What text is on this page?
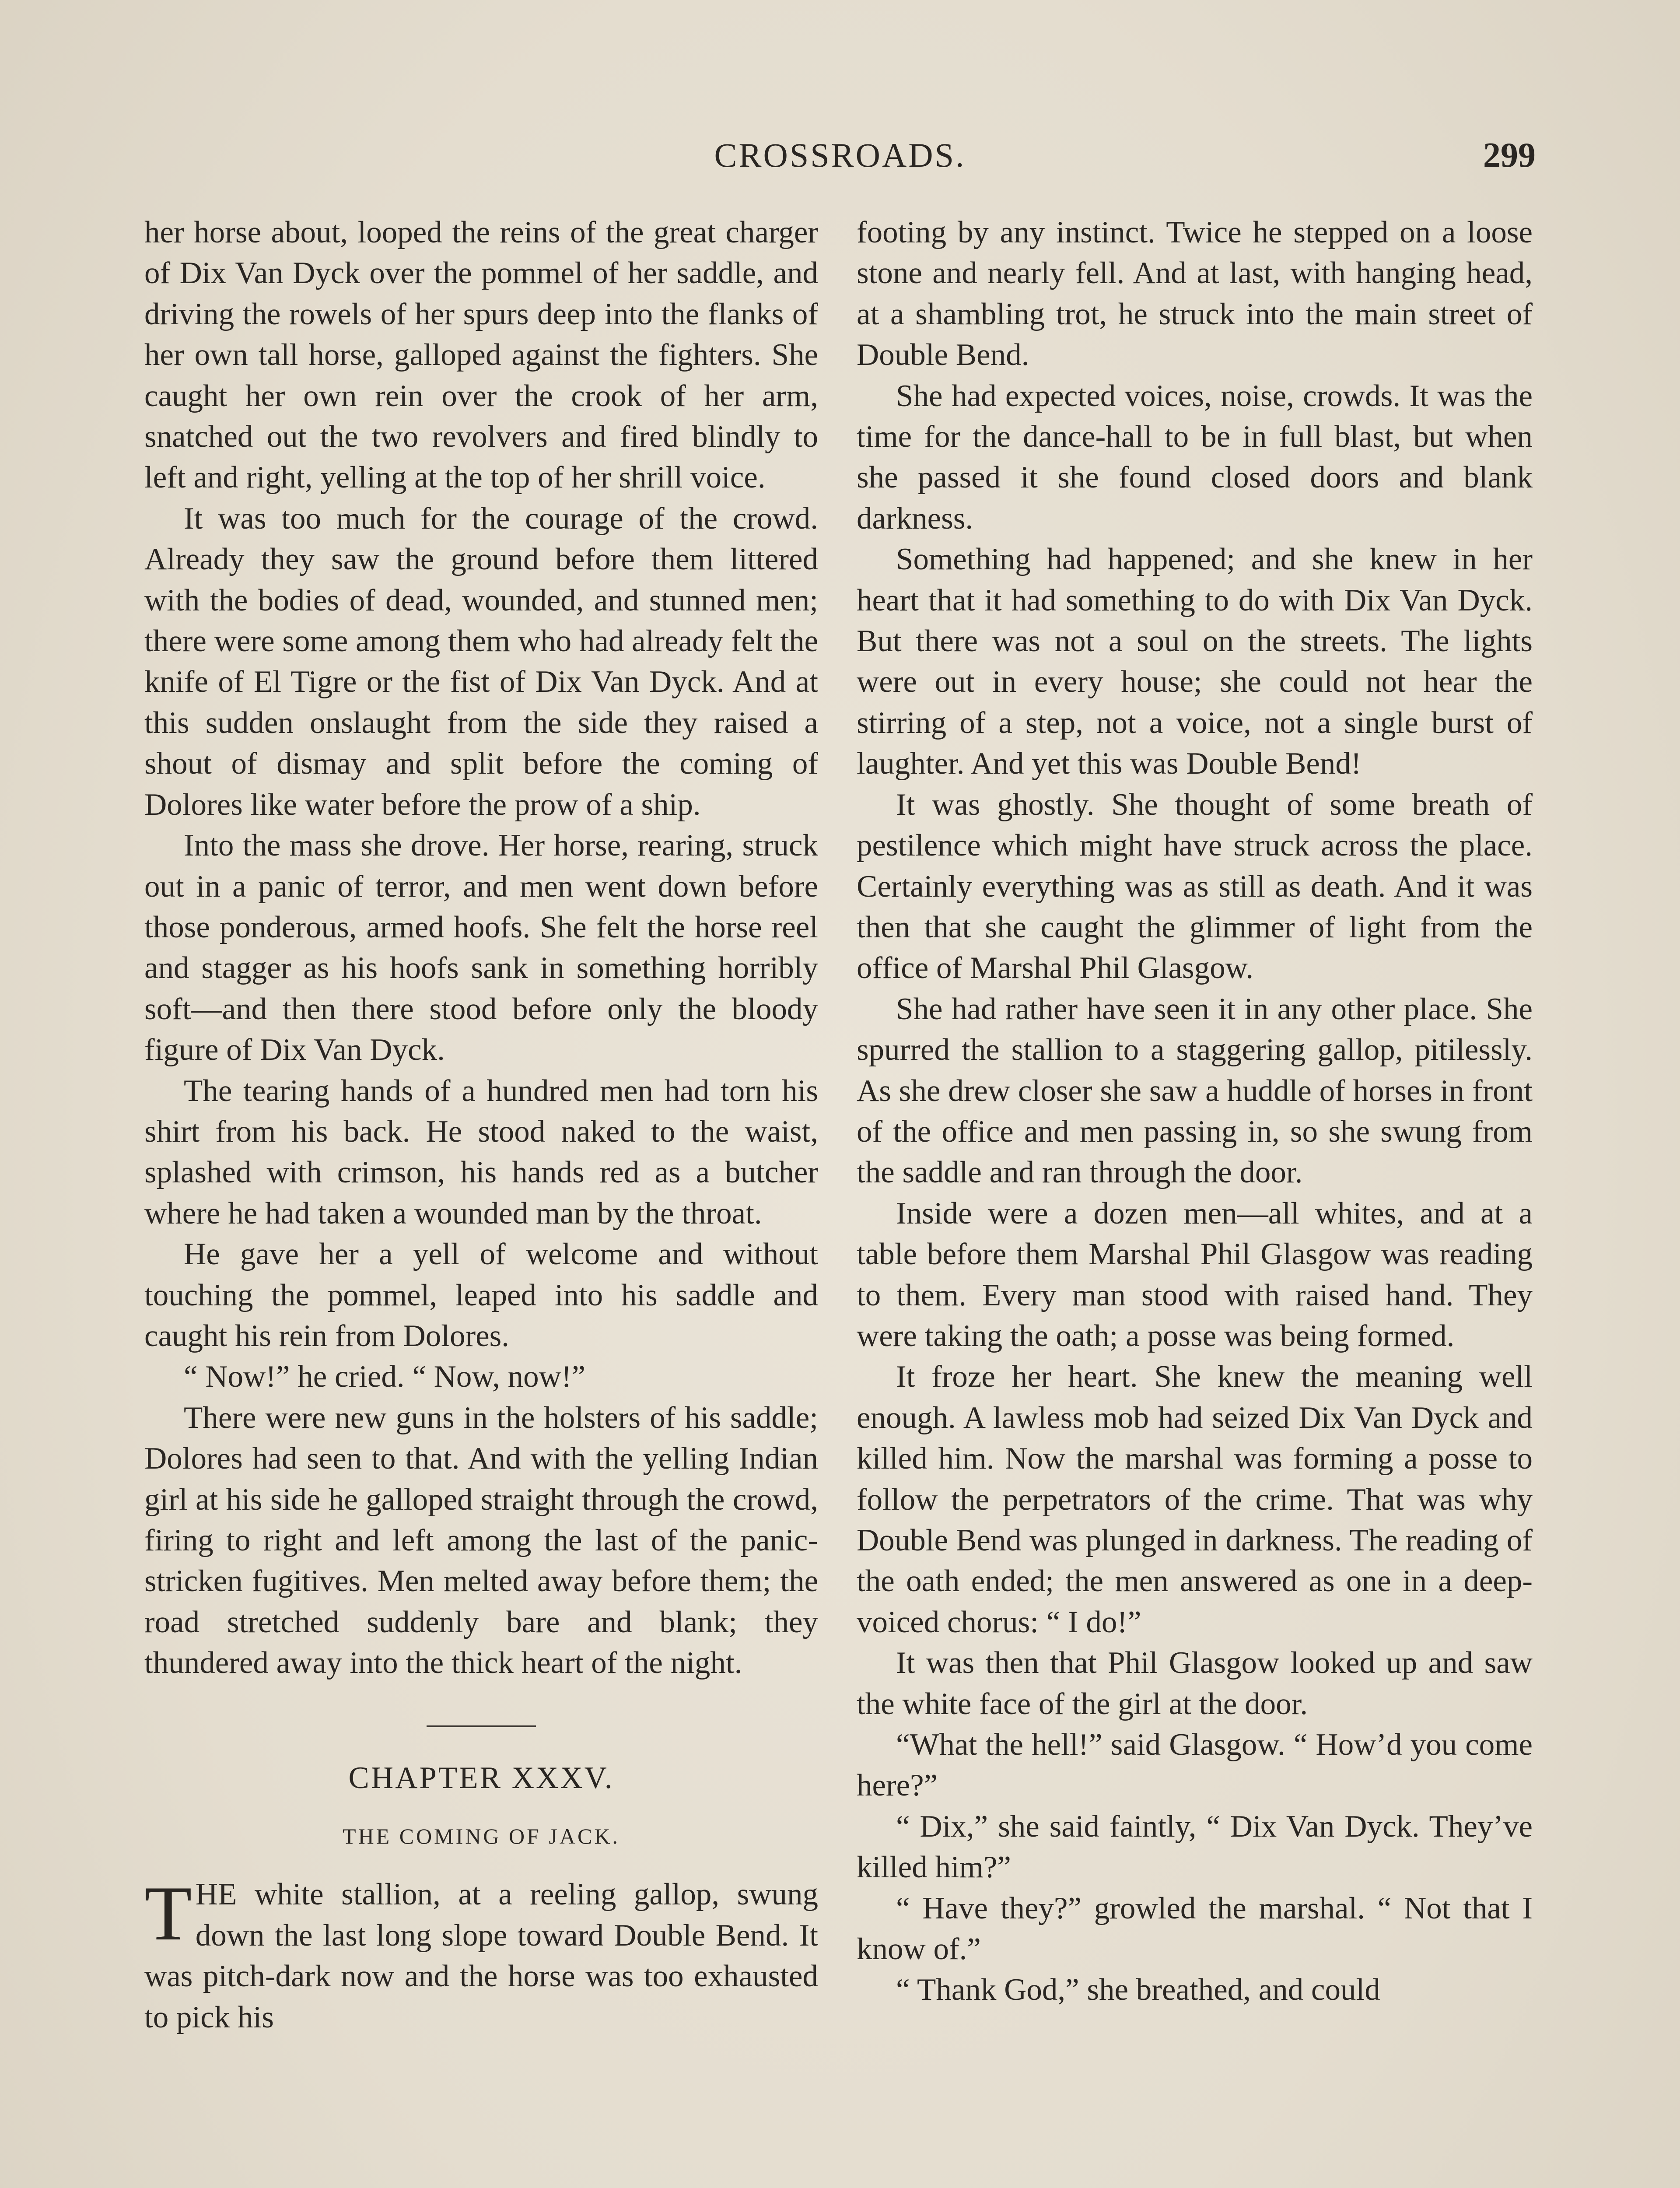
CROSSROADS.	299

her horse about, looped the reins of the great charger of Dix Van Dyck over the pommel of her saddle, and driving the rowels of her spurs deep into the flanks of her own tall horse, galloped against the fighters. She caught her own rein over the crook of her arm, snatched out the two revolvers and fired blindly to left and right, yelling at the top of her shrill voice.

It was too much for the courage of the crowd. Already they saw the ground before them littered with the bodies of dead, wounded, and stunned men; there were some among them who had already felt the knife of El Tigre or the fist of Dix Van Dyck. And at this sudden onslaught from the side they raised a shout of dismay and split before the coming of Dolores like water before the prow of a ship.

Into the mass she drove. Her horse, rearing, struck out in a panic of terror, and men went down before those ponderous, armed hoofs. She felt the horse reel and stagger as his hoofs sank in something horribly soft—and then there stood before only the bloody figure of Dix Van Dyck.

The tearing hands of a hundred men had torn his shirt from his back. He stood naked to the waist, splashed with crimson, his hands red as a butcher where he had taken a wounded man by the throat.

He gave her a yell of welcome and without touching the pommel, leaped into his saddle and caught his rein from Dolores.

“ Now!” he cried. “ Now, now!”

There were new guns in the holsters of his saddle; Dolores had seen to that. And with the yelling Indian girl at his side he galloped straight through the crowd, firing to right and left among the last of the panic-stricken fugitives. Men melted away before them; the road stretched suddenly bare and blank; they thundered away into the thick heart of the night.

CHAPTER XXXV.
THE COMING OF JACK.

THE white stallion, at a reeling gallop, swung down the last long slope toward Double Bend. It was pitch-dark now and the horse was too exhausted to pick his

footing by any instinct. Twice he stepped on a loose stone and nearly fell. And at last, with hanging head, at a shambling trot, he struck into the main street of Double Bend.

She had expected voices, noise, crowds. It was the time for the dance-hall to be in full blast, but when she passed it she found closed doors and blank darkness.

Something had happened; and she knew in her heart that it had something to do with Dix Van Dyck. But there was not a soul on the streets. The lights were out in every house; she could not hear the stirring of a step, not a voice, not a single burst of laughter. And yet this was Double Bend!

It was ghostly. She thought of some breath of pestilence which might have struck across the place. Certainly everything was as still as death. And it was then that she caught the glimmer of light from the office of Marshal Phil Glasgow.

She had rather have seen it in any other place. She spurred the stallion to a staggering gallop, pitilessly. As she drew closer she saw a huddle of horses in front of the office and men passing in, so she swung from the saddle and ran through the door.

Inside were a dozen men—all whites, and at a table before them Marshal Phil Glasgow was reading to them. Every man stood with raised hand. They were taking the oath; a posse was being formed.

It froze her heart. She knew the meaning well enough. A lawless mob had seized Dix Van Dyck and killed him. Now the marshal was forming a posse to follow the perpetrators of the crime. That was why Double Bend was plunged in darkness. The reading of the oath ended; the men answered as one in a deep-voiced chorus: “ I do!”

It was then that Phil Glasgow looked up and saw the white face of the girl at the door.

“What the hell!” said Glasgow. “ How’d you come here?”

“ Dix,” she said faintly, “ Dix Van Dyck. They’ve killed him?”

“ Have they?” growled the marshal. “ Not that I know of.”

“ Thank God,” she breathed, and could
